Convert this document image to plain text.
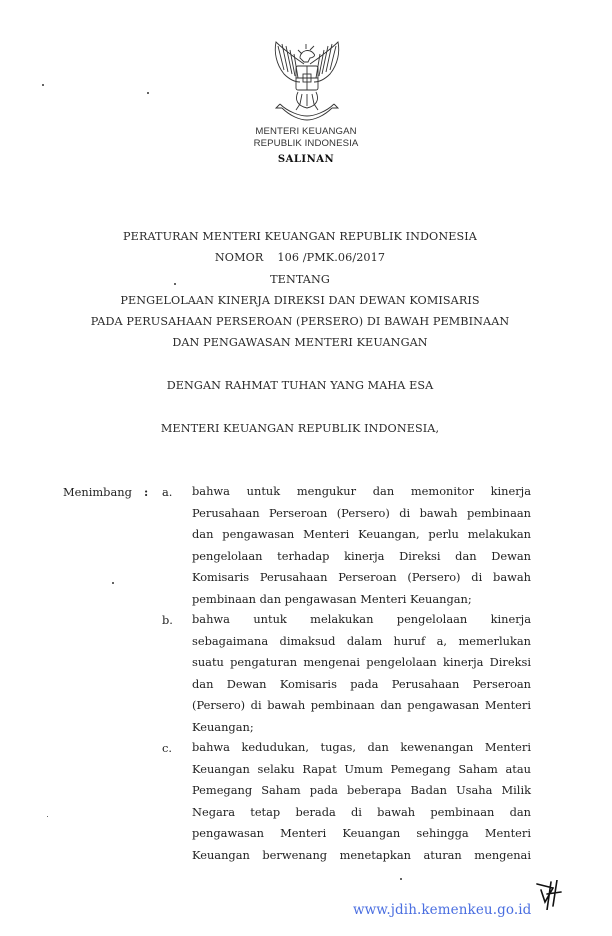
MENTERI KEUANGAN
REPUBLIK INDONESIA
SALINAN
PERATURAN MENTERI KEUANGAN REPUBLIK INDONESIA
NOMOR 106 /PMK.06/2017
TENTANG
PENGELOLAAN KINERJA DIREKSI DAN DEWAN KOMISARIS
PADA PERUSAHAAN PERSEROAN (PERSERO) DI BAWAH PEMBINAAN
DAN PENGAWASAN MENTERI KEUANGAN
DENGAN RAHMAT TUHAN YANG MAHA ESA
MENTERI KEUANGAN REPUBLIK INDONESIA,
Menimbang : a. bahwa untuk mengukur dan memonitor kinerja
Perusahaan Perseroan (Persero) di bawah pembinaan
dan pengawasan Menteri Keuangan, perlu melakukan
pengelolaan terhadap kinerja Direksi dan Dewan
Komisaris Perusahaan Perseroan (Persero) di bawah
pembinaan dan pengawasan Menteri Keuangan;
b. bahwa untuk melakukan pengelolaan kinerja
sebagaimana dimaksud dalam huruf a, memerlukan
suatu pengaturan mengenai pengelolaan kinerja Direksi
dan Dewan Komisaris pada Perusahaan Perseroan
(Persero) di bawah pembinaan dan pengawasan Menteri
Keuangan;
c. bahwa kedudukan, tugas, dan kewenangan Menteri
Keuangan selaku Rapat Umum Pemegang Saham atau
Pemegang Saham pada beberapa Badan Usaha Milik
Negara tetap berada di bawah pembinaan dan
pengawasan Menteri Keuangan sehingga Menteri
Keuangan berwenang menetapkan aturan mengenai
www.jdih.kemenkeu.go.id
